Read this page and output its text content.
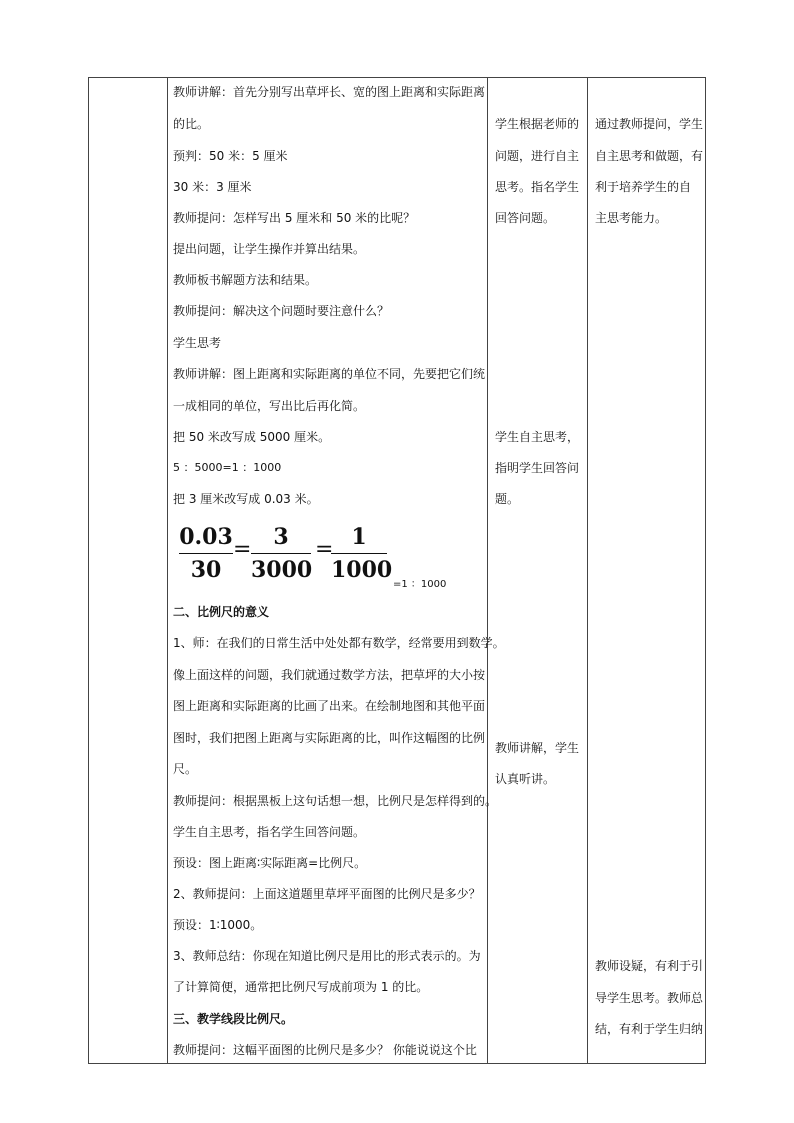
教师讲解：首先分别写出草坪长、宽的图上距离和实际距离
的比。
预判：50 米：5 厘米
30 米：3 厘米
教师提问：怎样写出 5 厘米和 50 米的比呢？
提出问题，让学生操作并算出结果。
教师板书解题方法和结果。
教师提问：解决这个问题时要注意什么？
学生思考
教师讲解：图上距离和实际距离的单位不同，先要把它们统
一成相同的单位，写出比后再化简。
把 50 米改写成 5000 厘米。
5 ：5000=1 ：1000
把 3 厘米改写成 0.03 米。
0.03
30
= 3
3000
= 1
1000
=1 ：1000
二、比例尺的意义
1、师：在我们的日常生活中处处都有数学，经常要用到数学。
像上面这样的问题，我们就通过数学方法，把草坪的大小按
图上距离和实际距离的比画了出来。在绘制地图和其他平面
图时，我们把图上距离与实际距离的比，叫作这幅图的比例
尺。
教师提问：根据黑板上这句话想一想，比例尺是怎样得到的。
学生自主思考，指名学生回答问题。
预设：图上距离∶实际距离=比例尺。
2、教师提问：上面这道题里草坪平面图的比例尺是多少？
预设：1∶1000。
3、教师总结：你现在知道比例尺是用比的形式表示的。为
了计算简便，通常把比例尺写成前项为 1 的比。
三、教学线段比例尺。
教师提问：这幅平面图的比例尺是多少？ 你能说说这个比
学生根据老师的
问题，进行自主
思考。指名学生
回答问题。
学生自主思考，
指明学生回答问
题。
教师讲解，学生
认真听讲。
通过教师提问，学生
自主思考和做题，有
利于培养学生的自
主思考能力。
教师设疑，有利于引
导学生思考。教师总
结，有利于学生归纳
